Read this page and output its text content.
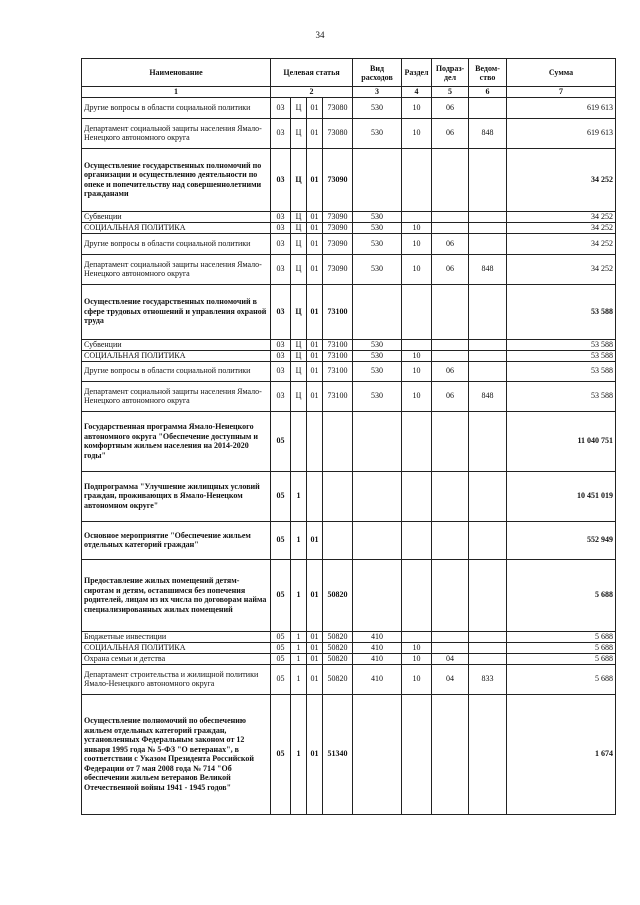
34
Наименование	Целевая статья				Вид расходов	Раздел	Подраз-дел	Ведом-ство	Сумма
1	2				3	4	5	6	7
Другие вопросы в области социальной политики	03	Ц	01	73080	530	10	06		619 613
Департамент социальной защиты населения Ямало-Ненецкого автономного округа	03	Ц	01	73080	530	10	06	848	619 613
Осуществление государственных полномочий по организации и осуществлению деятельности по опеке и попечительству над совершеннолетними гражданами	03	Ц	01	73090					34 252
Субвенции	03	Ц	01	73090	530				34 252
СОЦИАЛЬНАЯ ПОЛИТИКА	03	Ц	01	73090	530	10			34 252
Другие вопросы в области социальной политики	03	Ц	01	73090	530	10	06		34 252
Департамент социальной защиты населения Ямало-Ненецкого автономного округа	03	Ц	01	73090	530	10	06	848	34 252
Осуществление государственных полномочий в сфере трудовых отношений и управления охраной труда	03	Ц	01	73100					53 588
Субвенции	03	Ц	01	73100	530				53 588
СОЦИАЛЬНАЯ ПОЛИТИКА	03	Ц	01	73100	530	10			53 588
Другие вопросы в области социальной политики	03	Ц	01	73100	530	10	06		53 588
Департамент социальной защиты населения Ямало-Ненецкого автономного округа	03	Ц	01	73100	530	10	06	848	53 588
Государственная программа Ямало-Ненецкого автономного округа "Обеспечение доступным и комфортным жильем населения на 2014-2020 годы"	05								11 040 751
Подпрограмма "Улучшение жилищных условий граждан, проживающих в Ямало-Ненецком автономном округе"	05	1							10 451 019
Основное мероприятие "Обеспечение жильем отдельных категорий граждан"	05	1	01						552 949
Предоставление жилых помещений детям-сиротам и детям, оставшимся без попечения родителей, лицам из их числа по договорам найма специализированных жилых помещений	05	1	01	50820					5 688
Бюджетные инвестиции	05	1	01	50820	410				5 688
СОЦИАЛЬНАЯ ПОЛИТИКА	05	1	01	50820	410	10			5 688
Охрана семьи и детства	05	1	01	50820	410	10	04		5 688
Департамент строительства и жилищной политики Ямало-Ненецкого автономного округа	05	1	01	50820	410	10	04	833	5 688
Осуществление полномочий по обеспечению жильем отдельных категорий граждан, установленных Федеральным законом от 12 января 1995 года № 5-ФЗ "О ветеранах", в соответствии с Указом Президента Российской Федерации от 7 мая 2008 года № 714 "Об обеспечении жильем ветеранов Великой Отечественной войны 1941 - 1945 годов"	05	1	01	51340					1 674
